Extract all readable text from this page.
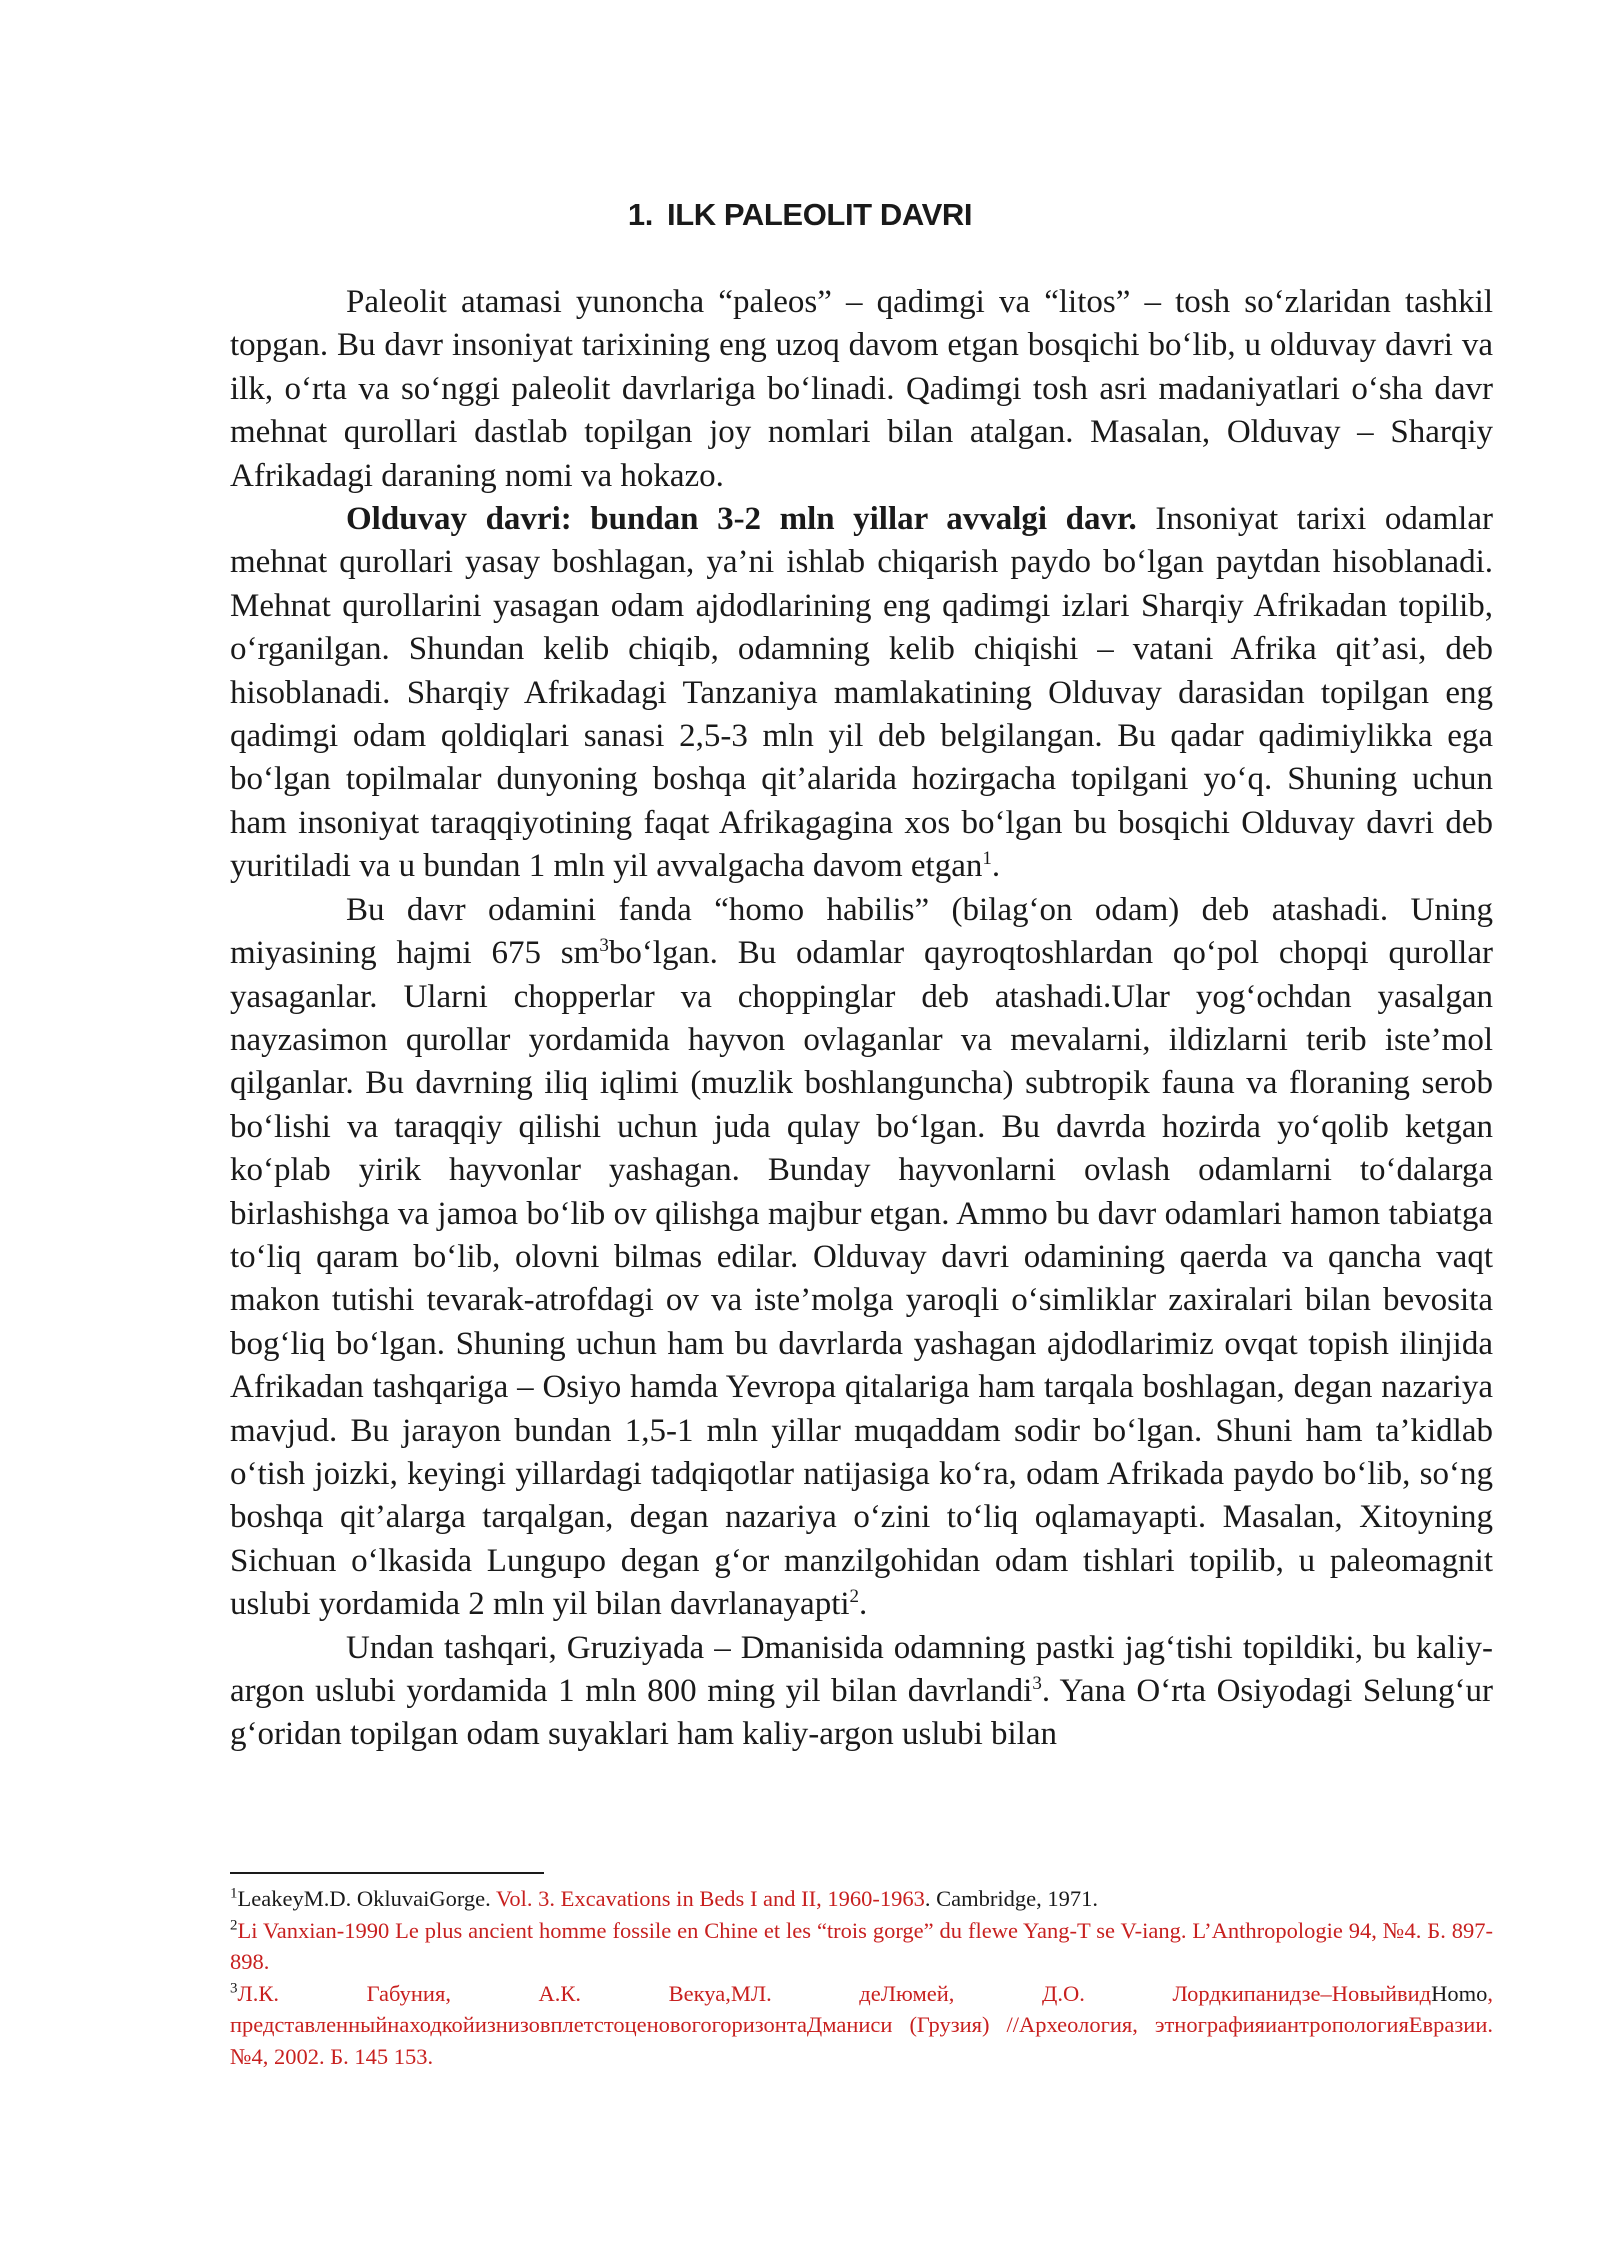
1. ILK PALEOLIT DAVRI

Paleolit atamasi yunoncha “paleos” – qadimgi va “litos” – tosh so‘zlaridan tashkil topgan. Bu davr insoniyat tarixining eng uzoq davom etgan bosqichi bo‘lib, u olduvay davri va ilk, o‘rta va so‘nggi paleolit davrlariga bo‘linadi. Qadimgi tosh asri madaniyatlari o‘sha davr mehnat qurollari dastlab topilgan joy nomlari bilan atalgan. Masalan, Olduvay – Sharqiy Afrikadagi daraning nomi va hokazo.

Olduvay davri: bundan 3-2 mln yillar avvalgi davr. Insoniyat tarixi odamlar mehnat qurollari yasay boshlagan, ya’ni ishlab chiqarish paydo bo‘lgan paytdan hisoblanadi. Mehnat qurollarini yasagan odam ajdodlarining eng qadimgi izlari Sharqiy Afrikadan topilib, o‘rganilgan. Shundan kelib chiqib, odamning kelib chiqishi – vatani Afrika qit’asi, deb hisoblanadi. Sharqiy Afrikadagi Tanzaniya mamlakatining Olduvay darasidan topilgan eng qadimgi odam qoldiqlari sanasi 2,5-3 mln yil deb belgilangan. Bu qadar qadimiylikka ega bo‘lgan topilmalar dunyoning boshqa qit’alarida hozirgacha topilgani yo‘q. Shuning uchun ham insoniyat taraqqiyotining faqat Afrikagagina xos bo‘lgan bu bosqichi Olduvay davri deb yuritiladi va u bundan 1 mln yil avvalgacha davom etgan$^1$.

Bu davr odamini fanda “homo habilis” (bilag‘on odam) deb atashadi. Uning miyasining hajmi 675 $sm^3bo‘lgan$. Bu odamlar qayroqtoshlardan qo‘pol chopqi qurollar yasaganlar. Ularni chopperlar va choppinglar deb atashadi.Ular yog‘ochdan yasalgan nayzasimon qurollar yordamida hayvon ovlaganlar va mevalarni, ildizlarni terib iste’mol qilganlar. Bu davrning iliq iqlimi (muzlik boshlanguncha) subtropik fauna va floraning serob bo‘lishi va taraqqiy qilishi uchun juda qulay bo‘lgan. Bu davrda hozirda yo‘qolib ketgan ko‘plab yirik hayvonlar yashagan. Bunday hayvonlarni ovlash odamlarni to‘dalarga birlashishga va jamoa bo‘lib ov qilishga majbur etgan. Ammo bu davr odamlari hamon tabiatga to‘liq qaram bo‘lib, olovni bilmas edilar. Olduvay davri odamining qaerda va qancha vaqt makon tutishi tevarak-atrofdagi ov va iste’molga yaroqli o‘simliklar zaxiralari bilan bevosita bog‘liq bo‘lgan. Shuning uchun ham bu davrlarda yashagan ajdodlarimiz ovqat topish ilinjida Afrikadan tashqariga – Osiyo hamda Yevropa qitalariga ham tarqala boshlagan, degan nazariya mavjud. Bu jarayon bundan 1,5-1 mln yillar muqaddam sodir bo‘lgan. Shuni ham ta’kidlab o‘tish joizki, keyingi yillardagi tadqiqotlar natijasiga ko‘ra, odam Afrikada paydo bo‘lib, so‘ng boshqa qit’alarga tarqalgan, degan nazariya o‘zini to‘liq oqlamayapti. Masalan, Xitoyning Sichuan o‘lkasida Lungupo degan g‘or manzilgohidan odam tishlari topilib, u paleomagnit uslubi yordamida 2 mln yil bilan davrlanayapti$^2$.

Undan tashqari, Gruziyada – Dmanisida odamning pastki jag‘tishi topildiki, bu kaliy-argon uslubi yordamida 1 mln 800 ming yil bilan davrlandi$^3$. Yana O‘rta Osiyodagi Selung‘ur g‘oridan topilgan odam suyaklari ham kaliy-argon uslubi bilan

$^1$LeakeyM.D. OkluvaiGorge. Vol. 3. Excavations in Beds I and II, 1960-1963. Cambridge, 1971.

$^2$Li Vanxian-1990 Le plus ancient homme fossile en Chine et les “trois gorge” du flewe Yang-T se V-iang. L’Anthropologie 94, №4. Б. 897-898.

$^3$Л.К. Габуния, А.К. Векуа,МЛ. деЛюмей, Д.О. Лордкипанидзе–НовыйвидHomo, представленныйнаходкойизнизовплетстоценовогогоризонтаДманиси (Грузия) //Археология, этнографияиантропологияЕвразии. №4, 2002. Б. 145 153.
